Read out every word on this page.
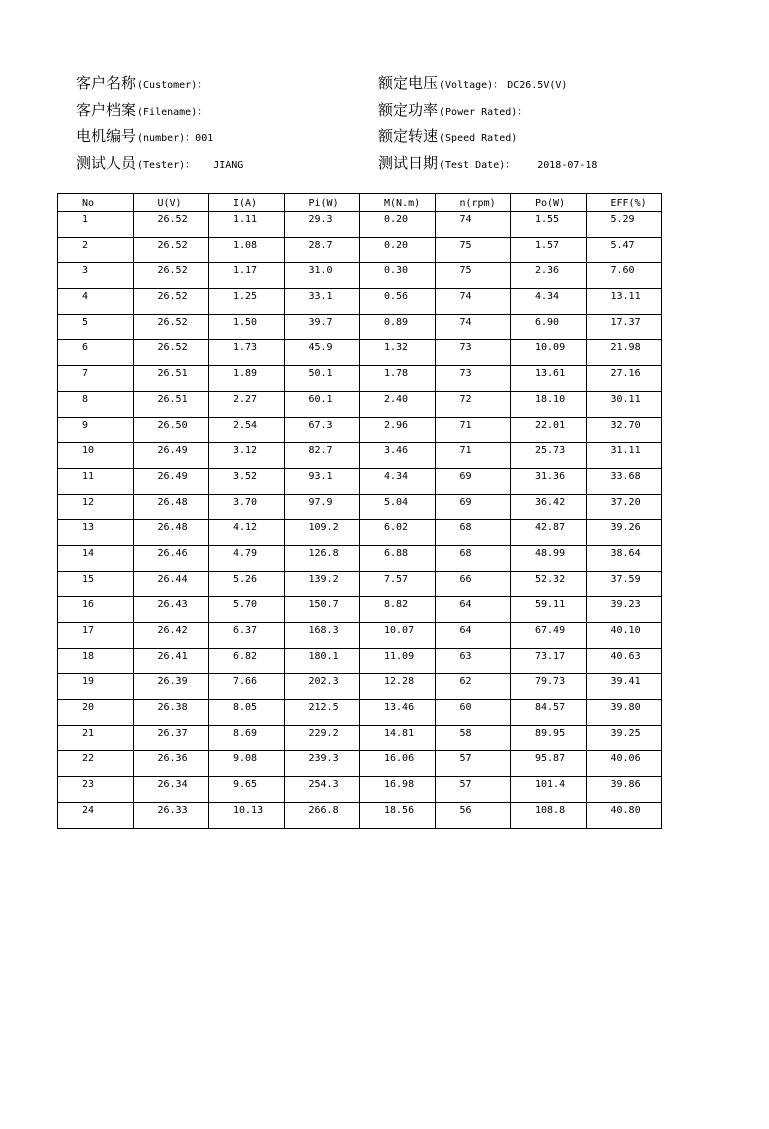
客户名称 (Customer)：	额定电压 (Voltage)： DC26.5V(V)
客户档案 (Filename)：	额定功率 (Power Rated)：
电机编号 (number)：001	额定转速 (Speed Rated)
测试人员 (Tester)： JIANG	测试日期 (Test Date)： 2018-07-18
No	U(V)	I(A)	Pi(W)	M(N.m)	n(rpm)	Po(W)	EFF(%)
1	26.52	1.11	29.3	0.20	74	1.55	5.29
2	26.52	1.08	28.7	0.20	75	1.57	5.47
3	26.52	1.17	31.0	0.30	75	2.36	7.60
4	26.52	1.25	33.1	0.56	74	4.34	13.11
5	26.52	1.50	39.7	0.89	74	6.90	17.37
6	26.52	1.73	45.9	1.32	73	10.09	21.98
7	26.51	1.89	50.1	1.78	73	13.61	27.16
8	26.51	2.27	60.1	2.40	72	18.10	30.11
9	26.50	2.54	67.3	2.96	71	22.01	32.70
10	26.49	3.12	82.7	3.46	71	25.73	31.11
11	26.49	3.52	93.1	4.34	69	31.36	33.68
12	26.48	3.70	97.9	5.04	69	36.42	37.20
13	26.48	4.12	109.2	6.02	68	42.87	39.26
14	26.46	4.79	126.8	6.88	68	48.99	38.64
15	26.44	5.26	139.2	7.57	66	52.32	37.59
16	26.43	5.70	150.7	8.82	64	59.11	39.23
17	26.42	6.37	168.3	10.07	64	67.49	40.10
18	26.41	6.82	180.1	11.09	63	73.17	40.63
19	26.39	7.66	202.3	12.28	62	79.73	39.41
20	26.38	8.05	212.5	13.46	60	84.57	39.80
21	26.37	8.69	229.2	14.81	58	89.95	39.25
22	26.36	9.08	239.3	16.06	57	95.87	40.06
23	26.34	9.65	254.3	16.98	57	101.4	39.86
24	26.33	10.13	266.8	18.56	56	108.8	40.80
